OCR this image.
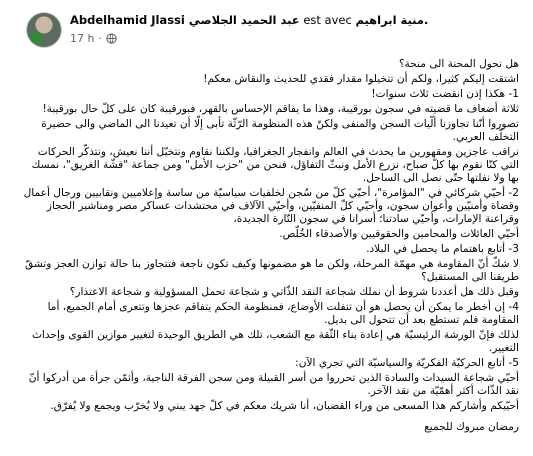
Abdelhamid Jlassi عبد الحميد الجلاصي est avec منية ابراهيم.
17 h ·

هل نحول المحنة الى منحة؟

اشتقت إليكم كثيرا، ولكم أن تتخيلوا مقدار فقدي للحديث والنقاش معكم!

1- هكذا إذن انقضت ثلاث سنوات!

ثلاثة أضعاف ما قضيته في سجون بورقيبة، وهذا ما يفاقم الإحساس بالقهر، فبورقيبة كان على كلّ حال بورقيبة!

تصوروا أنّنا تجاوزنا ألّيات السجن والمنفى ولكنّ هذه المنظومة الرّثّة تأبى إلّا أن تعيدنا الى الماضي والى حضيرة التخلّف العربي.

نراقب عاجزين ومقهورين ما يحدث في العالم وانفجار الجغرافيا، ولكننا نقاوم ونتخيّل أننا نعيش، ونتذكّر الحركات التي كنّا نقوم بها كلّ صباح، نزرع الأمل ونبثّ التفاؤل، فنحن من "حزب الأمل" ومن جماعة "قشّة الغريق"، نمسك بها ولا نفلتها حتّى نصل الى الساحل.

2- أحيّي شركائي في "المؤامرة"، أحيّي كلّ من سُجن لخلفيات سياسيّة من ساسة وإعلاميين ونقابيين ورجال أعمال وقضاة وأمنيّين وأعوان سجون، وأحيّي كلّ المنفيّين، وأحيّي الآلاف في محتشدات عساكر مصر ومناشير الحجاز وقراعنة الإمارات، وأحيّي سادتنا؛ أسرانا في سجون التّارة الجديدة،

أحيّي العائلات والمحامين والحقوقيين والأصدقاء الخُلّص.

3- أتابع باهتمام ما يحصل في البلاد.

لا شكّ أنّ المقاومة هي مهمّة المرحلة، ولكن ما هو مضمونها وكيف تكون ناجعة فتتجاوز بنا حالة توازن العجز وتشقّ طريقنا الى المستقبل؟

وقبل ذلك هل أعددنا شروط أن نملك شجاعة النقد الذّاتي و شجاعة تحمل المسؤولية و شجاعة الاعتذار؟

4- إن أخطر ما يمكن أن يحصل هو أن تنفلت الأوضاع، فمنظومة الحكم يتفاقم عجزها وتتعرى أمام الجميع، أما المقاومة فلم تستطع بعد أن تتحول الى بديل.

لذلك فإنّ الورشة الرئيسيّة هي إعادة بناء الثّقة مع الشعب، تلك هي الطريق الوحيدة لتغيير موازين القوى وإحداث التغيير.

5- أتابع الحركيّة الفكريّة والسياسيّة التي تجري الآن:

أحيّي شجاعة السيدات والسادة الذين تحرروا من أسر القبيلة ومن سجن الفرقة الناجية، وأثمّن جرأة من أدركوا أنّ نقد الذّات أكثر أهمّيّة من نقد الآخر.

أحيّيكم وأشاركم هذا المسعى من وراء القضبان، أنا شريك معكم في كلّ جهد يبني ولا يُخرّب ويجمع ولا يُفرّق.

رمضان مبروك للجميع
